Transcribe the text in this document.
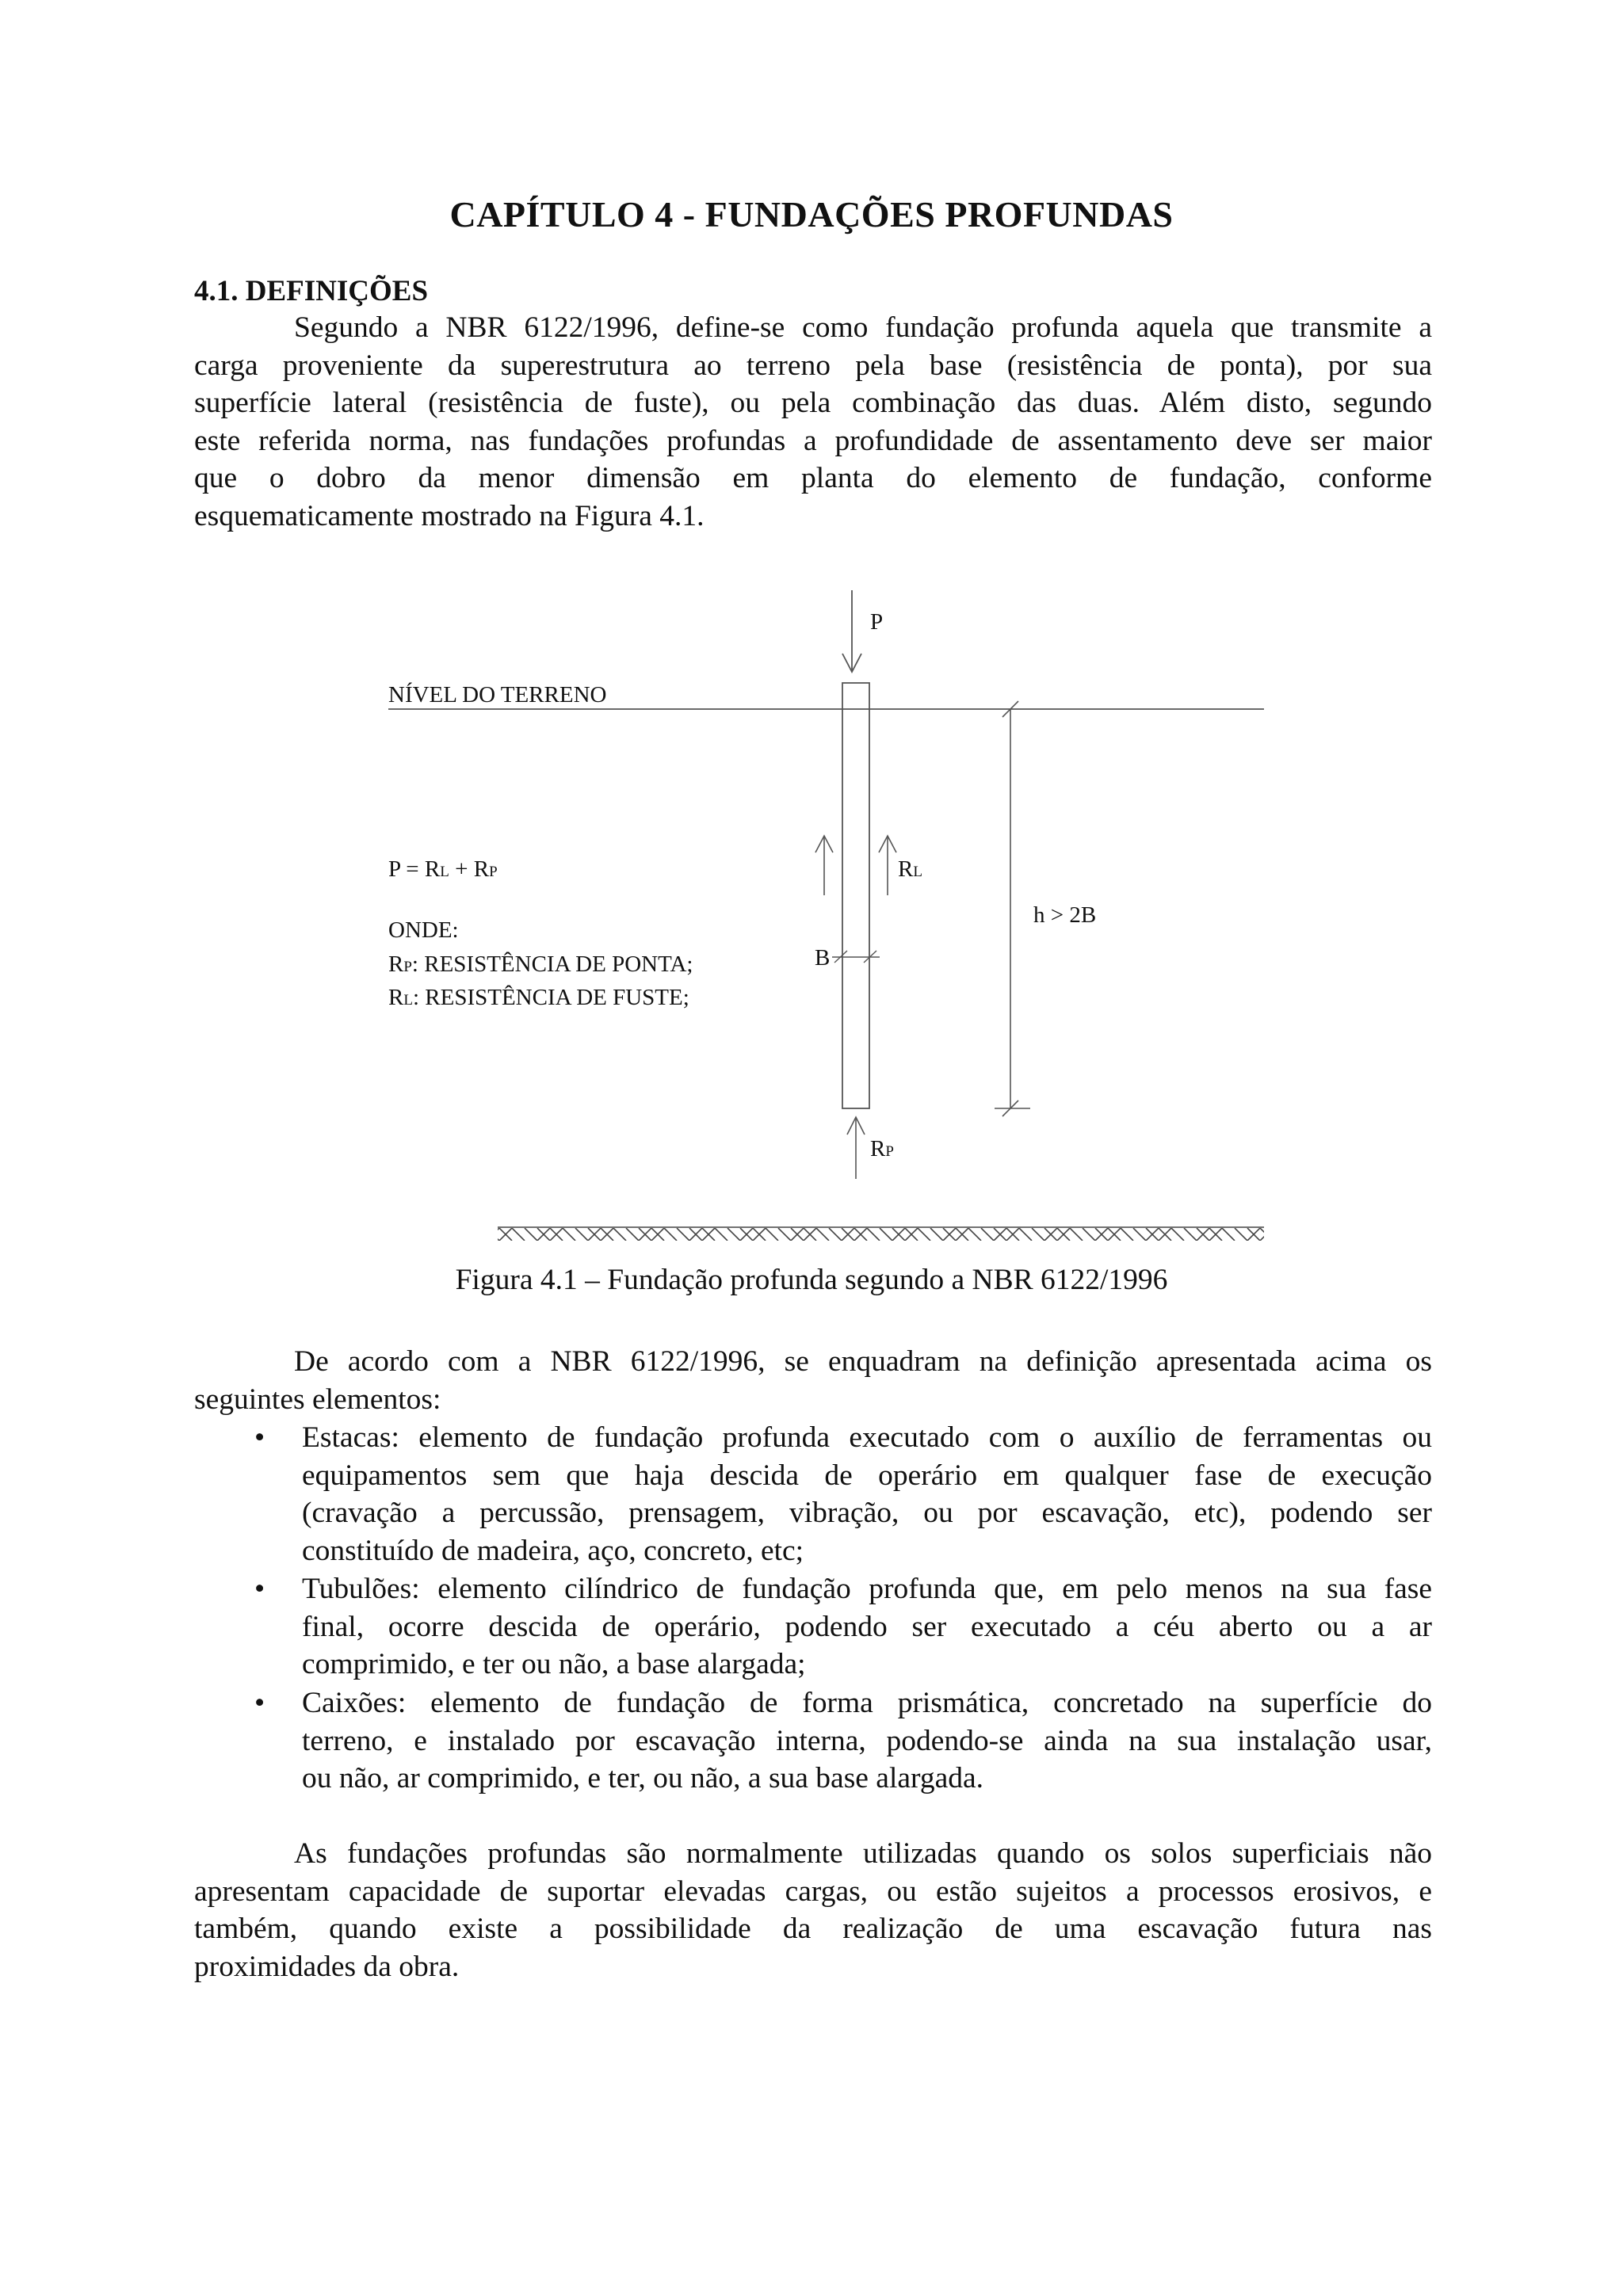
CAPÍTULO 4 - FUNDAÇÕES PROFUNDAS
4.1. DEFINIÇÕES
Segundo a NBR 6122/1996, define-se como fundação profunda aquela que transmite a
carga proveniente da superestrutura ao terreno pela base (resistência de ponta), por sua
superfície lateral (resistência de fuste), ou pela combinação das duas. Além disto, segundo
este referida norma, nas fundações profundas a profundidade de assentamento deve ser maior
que o dobro da menor dimensão em planta do elemento de fundação, conforme
esquematicamente mostrado na Figura 4.1.
P
NÍVEL DO TERRENO
P = RL + RP
ONDE:
RP: RESISTÊNCIA DE PONTA;
RL: RESISTÊNCIA DE FUSTE;
RL
B
h > 2B
RP
Figura 4.1 – Fundação profunda segundo a NBR 6122/1996
De acordo com a NBR 6122/1996, se enquadram na definição apresentada acima os
seguintes elementos:
• Estacas: elemento de fundação profunda executado com o auxílio de ferramentas ou
equipamentos sem que haja descida de operário em qualquer fase de execução
(cravação a percussão, prensagem, vibração, ou por escavação, etc), podendo ser
constituído de madeira, aço, concreto, etc;
• Tubulões: elemento cilíndrico de fundação profunda que, em pelo menos na sua fase
final, ocorre descida de operário, podendo ser executado a céu aberto ou a ar
comprimido, e ter ou não, a base alargada;
• Caixões: elemento de fundação de forma prismática, concretado na superfície do
terreno, e instalado por escavação interna, podendo-se ainda na sua instalação usar,
ou não, ar comprimido, e ter, ou não, a sua base alargada.
As fundações profundas são normalmente utilizadas quando os solos superficiais não
apresentam capacidade de suportar elevadas cargas, ou estão sujeitos a processos erosivos, e
também, quando existe a possibilidade da realização de uma escavação futura nas
proximidades da obra.
